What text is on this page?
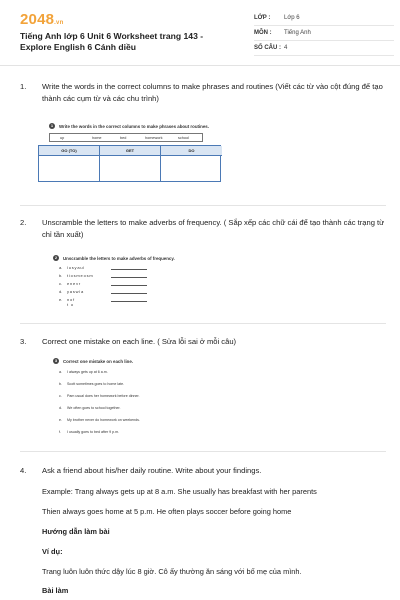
2048.vn
Tiếng Anh lớp 6 Unit 6 Worksheet trang 143 - Explore English 6 Cánh diều
LỚP : Lớp 6
MÔN : Tiếng Anh
SỐ CÂU : 4
1. Write the words in the correct columns to make phrases and routines (Viết các từ vào cột đúng để tạo thành các cụm từ và các chu trình)
1	Write the words in the correct columns to make phrases about routines.
up	home	bed	homework	school
GO (TO)	GET	DO
2. Unscramble the letters to make adverbs of frequency. ( Sắp xếp các chữ cái để tạo thành các trạng từ chỉ tần xuất)
2	Unscramble the letters to make adverbs of frequency.
a. lusyaul
b. tiosmeosm
c. enevr
d. yaswla
e. nof t o
3. Correct one mistake on each line. ( Sửa lỗi sai ở mỗi câu)
3	Correct one mistake on each line.
a. I always gets up at 6 a.m.
b. Scott sometimes goes to home late.
c. Pam usual does her homework before dinner.
d. We often goes to school together.
e. My brother never do homework on weekends.
f. I usually goes to bed after 9 p.m.
4. Ask a friend about his/her daily routine. Write about your findings.
Example: Trang always gets up at 8 a.m. She usually has breakfast with her parents
Thien always goes home at 5 p.m. He often plays soccer before going home
Hướng dẫn làm bài
Ví dụ:
Trang luôn luôn thức dậy lúc 8 giờ. Cô ấy thường ăn sáng với bố mẹ của mình.
Bài làm
